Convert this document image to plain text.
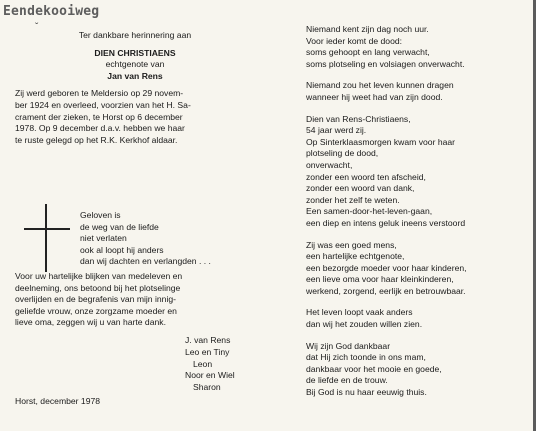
Eendekooiweg
ˇ
Ter dankbare herinnering aan
DIEN CHRISTIAENS
echtgenote van
Jan van Rens
Zij werd geboren te Meldersio op 29 novem-
ber 1924 en overleed, voorzien van het H. Sa-
crament der zieken, te Horst op 6 december
1978. Op 9 december d.a.v. hebben we haar
te ruste gelegd op het R.K. Kerkhof aldaar.
Geloven is
de weg van de liefde
niet verlaten
ook al loopt hij anders
dan wij dachten en verlangden . . .
Voor uw hartelijke blijken van medeleven en
deelneming, ons betoond bij het plotselinge
overlijden en de begrafenis van mijn innig-
geliefde vrouw, onze zorgzame moeder en
lieve oma, zeggen wij u van harte dank.
J. van Rens
Leo en Tiny
Leon
Noor en Wiel
Sharon
Horst, december 1978
Niemand kent zijn dag noch uur.
Voor ieder komt de dood:
soms gehoopt en lang verwacht,
soms plotseling en volsiagen onverwacht.
Niemand zou het leven kunnen dragen
wanneer hij weet had van zijn dood.
Dien van Rens-Christiaens,
54 jaar werd zij.
Op Sinterklaasmorgen kwam voor haar
plotseling de dood,
onverwacht,
zonder een woord ten afscheid,
zonder een woord van dank,
zonder het zelf te weten.
Een samen-door-het-leven-gaan,
een diep en intens geluk ineens verstoord
Zij was een goed mens,
een hartelijke echtgenote,
een bezorgde moeder voor haar kinderen,
een lieve oma voor haar kleinkinderen,
werkend, zorgend, eerlijk en betrouwbaar.
Het leven loopt vaak anders
dan wij het zouden willen zien.
Wij zijn God dankbaar
dat Hij zich toonde in ons mam,
dankbaar voor het mooie en goede,
de liefde en de trouw.
Bij God is nu haar eeuwig thuis.
